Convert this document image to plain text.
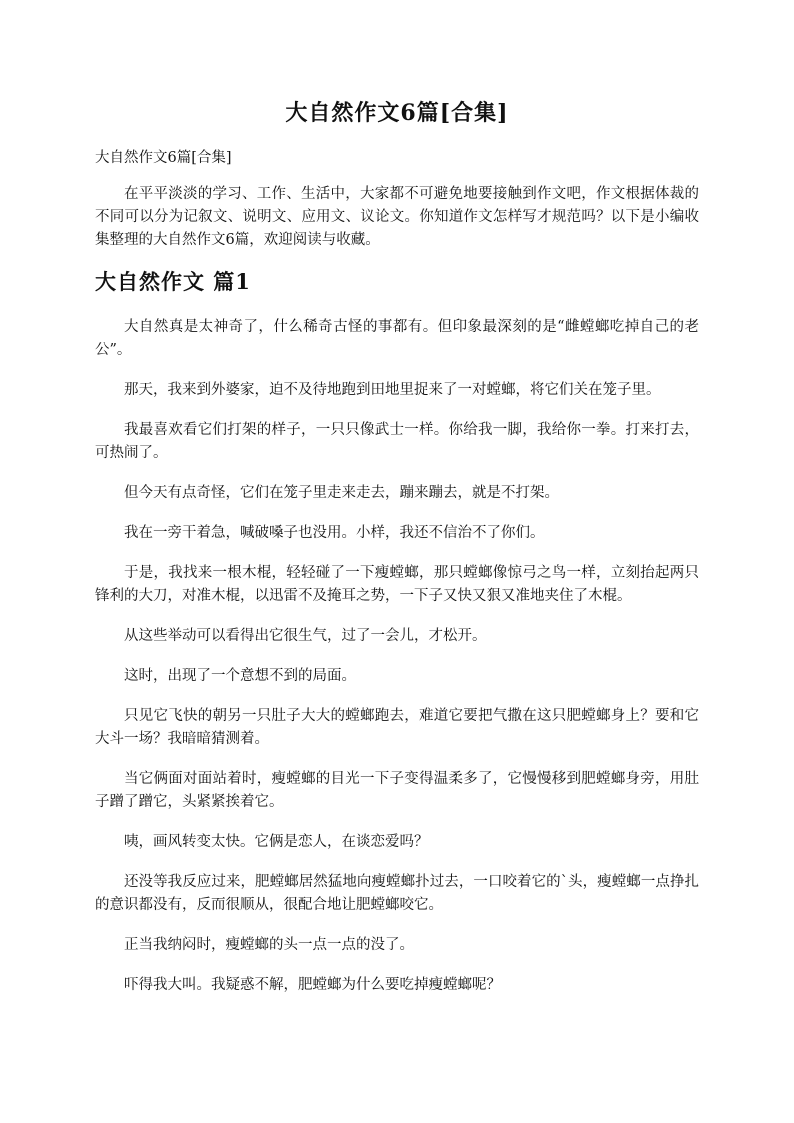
大自然作文6篇[合集]

大自然作文6篇[合集]

在平平淡淡的学习、工作、生活中，大家都不可避免地要接触到作文吧，作文根据体裁的不同可以分为记叙文、说明文、应用文、议论文。你知道作文怎样写才规范吗？以下是小编收集整理的大自然作文6篇，欢迎阅读与收藏。

大自然作文 篇1

大自然真是太神奇了，什么稀奇古怪的事都有。但印象最深刻的是“雌螳螂吃掉自己的老公”。

那天，我来到外婆家，迫不及待地跑到田地里捉来了一对螳螂，将它们关在笼子里。

我最喜欢看它们打架的样子，一只只像武士一样。你给我一脚，我给你一拳。打来打去，可热闹了。

但今天有点奇怪，它们在笼子里走来走去，蹦来蹦去，就是不打架。

我在一旁干着急，喊破嗓子也没用。小样，我还不信治不了你们。

于是，我找来一根木棍，轻轻碰了一下瘦螳螂，那只螳螂像惊弓之鸟一样，立刻抬起两只锋利的大刀，对准木棍，以迅雷不及掩耳之势，一下子又快又狠又准地夹住了木棍。

从这些举动可以看得出它很生气，过了一会儿，才松开。

这时，出现了一个意想不到的局面。

只见它飞快的朝另一只肚子大大的螳螂跑去，难道它要把气撒在这只肥螳螂身上？要和它大斗一场？我暗暗猜测着。

当它俩面对面站着时，瘦螳螂的目光一下子变得温柔多了，它慢慢移到肥螳螂身旁，用肚子蹭了蹭它，头紧紧挨着它。

咦，画风转变太快。它俩是恋人，在谈恋爱吗？

还没等我反应过来，肥螳螂居然猛地向瘦螳螂扑过去，一口咬着它的`头，瘦螳螂一点挣扎的意识都没有，反而很顺从，很配合地让肥螳螂咬它。

正当我纳闷时，瘦螳螂的头一点一点的没了。

吓得我大叫。我疑惑不解，肥螳螂为什么要吃掉瘦螳螂呢？
